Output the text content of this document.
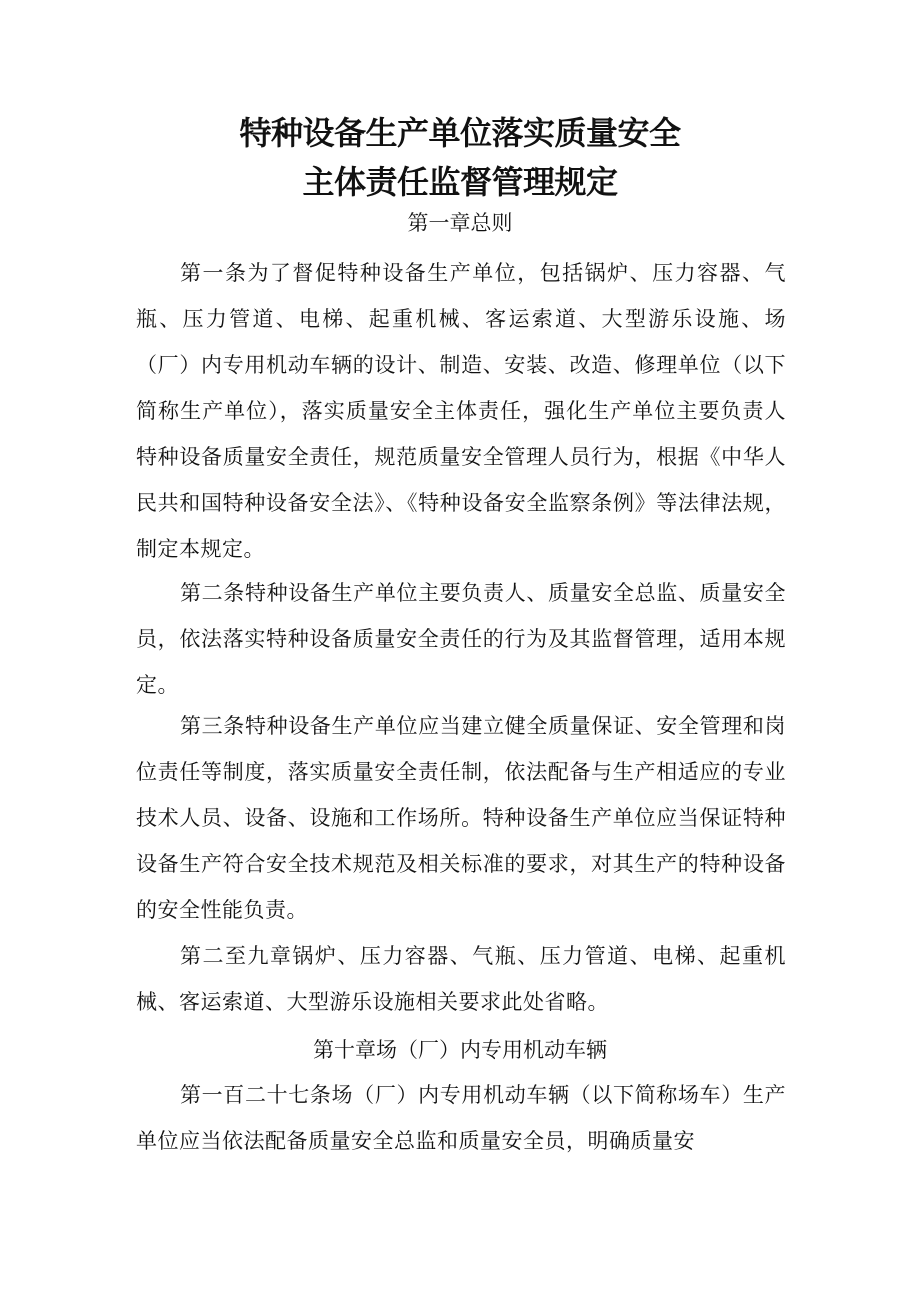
特种设备生产单位落实质量安全
主体责任监督管理规定
第一章总则

第一条为了督促特种设备生产单位，包括锅炉、压力容器、气瓶、压力管道、电梯、起重机械、客运索道、大型游乐设施、场（厂）内专用机动车辆的设计、制造、安装、改造、修理单位（以下简称生产单位），落实质量安全主体责任，强化生产单位主要负责人特种设备质量安全责任，规范质量安全管理人员行为，根据《中华人民共和国特种设备安全法》、《特种设备安全监察条例》等法律法规，制定本规定。

第二条特种设备生产单位主要负责人、质量安全总监、质量安全员，依法落实特种设备质量安全责任的行为及其监督管理，适用本规定。

第三条特种设备生产单位应当建立健全质量保证、安全管理和岗位责任等制度，落实质量安全责任制，依法配备与生产相适应的专业技术人员、设备、设施和工作场所。特种设备生产单位应当保证特种设备生产符合安全技术规范及相关标准的要求，对其生产的特种设备的安全性能负责。

第二至九章锅炉、压力容器、气瓶、压力管道、电梯、起重机械、客运索道、大型游乐设施相关要求此处省略。

第十章场（厂）内专用机动车辆

第一百二十七条场（厂）内专用机动车辆（以下简称场车）生产单位应当依法配备质量安全总监和质量安全员，明确质量安
